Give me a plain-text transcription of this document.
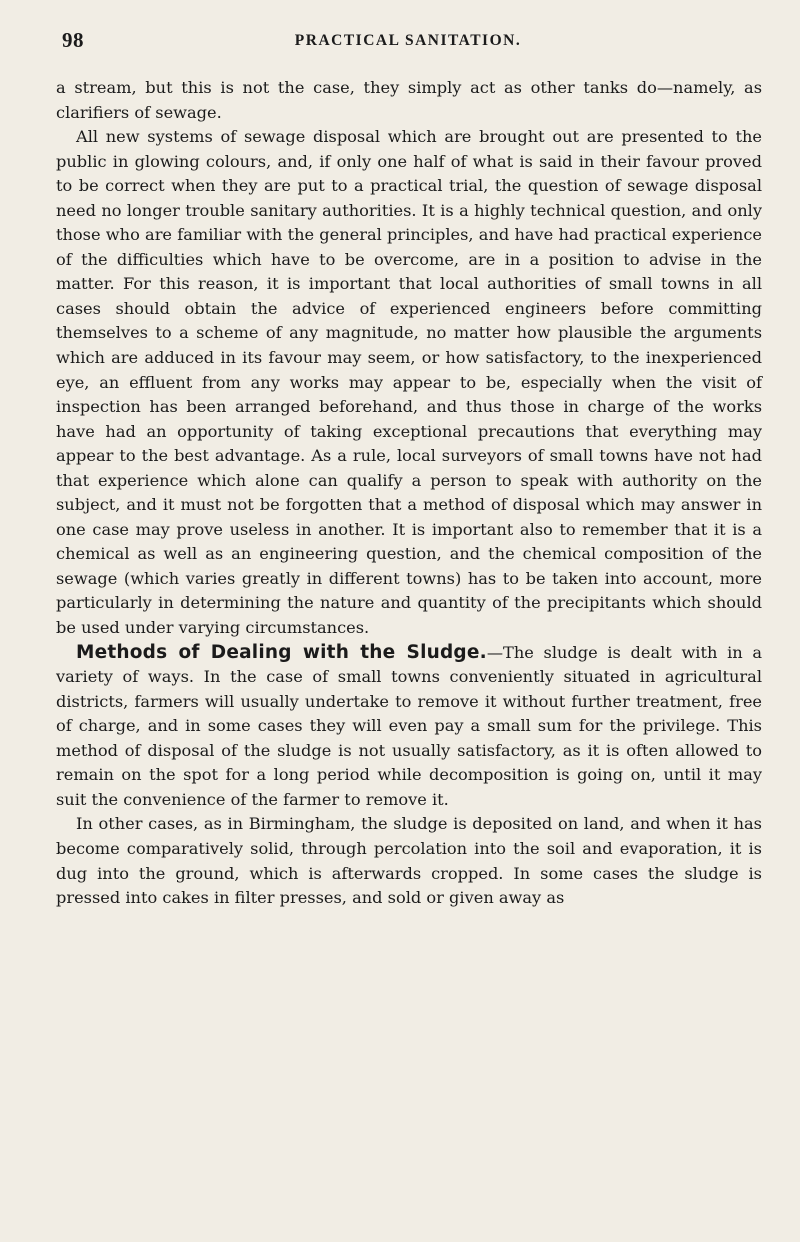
98	PRACTICAL SANITATION.

a stream, but this is not the case, they simply act as other tanks do—namely, as clarifiers of sewage.

All new systems of sewage disposal which are brought out are presented to the public in glowing colours, and, if only one half of what is said in their favour proved to be correct when they are put to a practical trial, the question of sewage disposal need no longer trouble sanitary authorities. It is a highly technical question, and only those who are familiar with the general principles, and have had practical experience of the difficulties which have to be overcome, are in a position to advise in the matter. For this reason, it is important that local authorities of small towns in all cases should obtain the advice of experienced engineers before committing themselves to a scheme of any magnitude, no matter how plausible the arguments which are adduced in its favour may seem, or how satisfactory, to the inexperienced eye, an effluent from any works may appear to be, especially when the visit of inspection has been arranged beforehand, and thus those in charge of the works have had an opportunity of taking exceptional precautions that everything may appear to the best advantage. As a rule, local surveyors of small towns have not had that experience which alone can qualify a person to speak with authority on the subject, and it must not be forgotten that a method of disposal which may answer in one case may prove useless in another. It is important also to remember that it is a chemical as well as an engineering question, and the chemical composition of the sewage (which varies greatly in different towns) has to be taken into account, more particularly in determining the nature and quantity of the precipitants which should be used under varying circumstances.

Methods of Dealing with the Sludge.—The sludge is dealt with in a variety of ways. In the case of small towns conveniently situated in agricultural districts, farmers will usually undertake to remove it without further treatment, free of charge, and in some cases they will even pay a small sum for the privilege. This method of disposal of the sludge is not usually satisfactory, as it is often allowed to remain on the spot for a long period while decomposition is going on, until it may suit the convenience of the farmer to remove it.

In other cases, as in Birmingham, the sludge is deposited on land, and when it has become comparatively solid, through percolation into the soil and evaporation, it is dug into the ground, which is afterwards cropped. In some cases the sludge is pressed into cakes in filter presses, and sold or given away as
